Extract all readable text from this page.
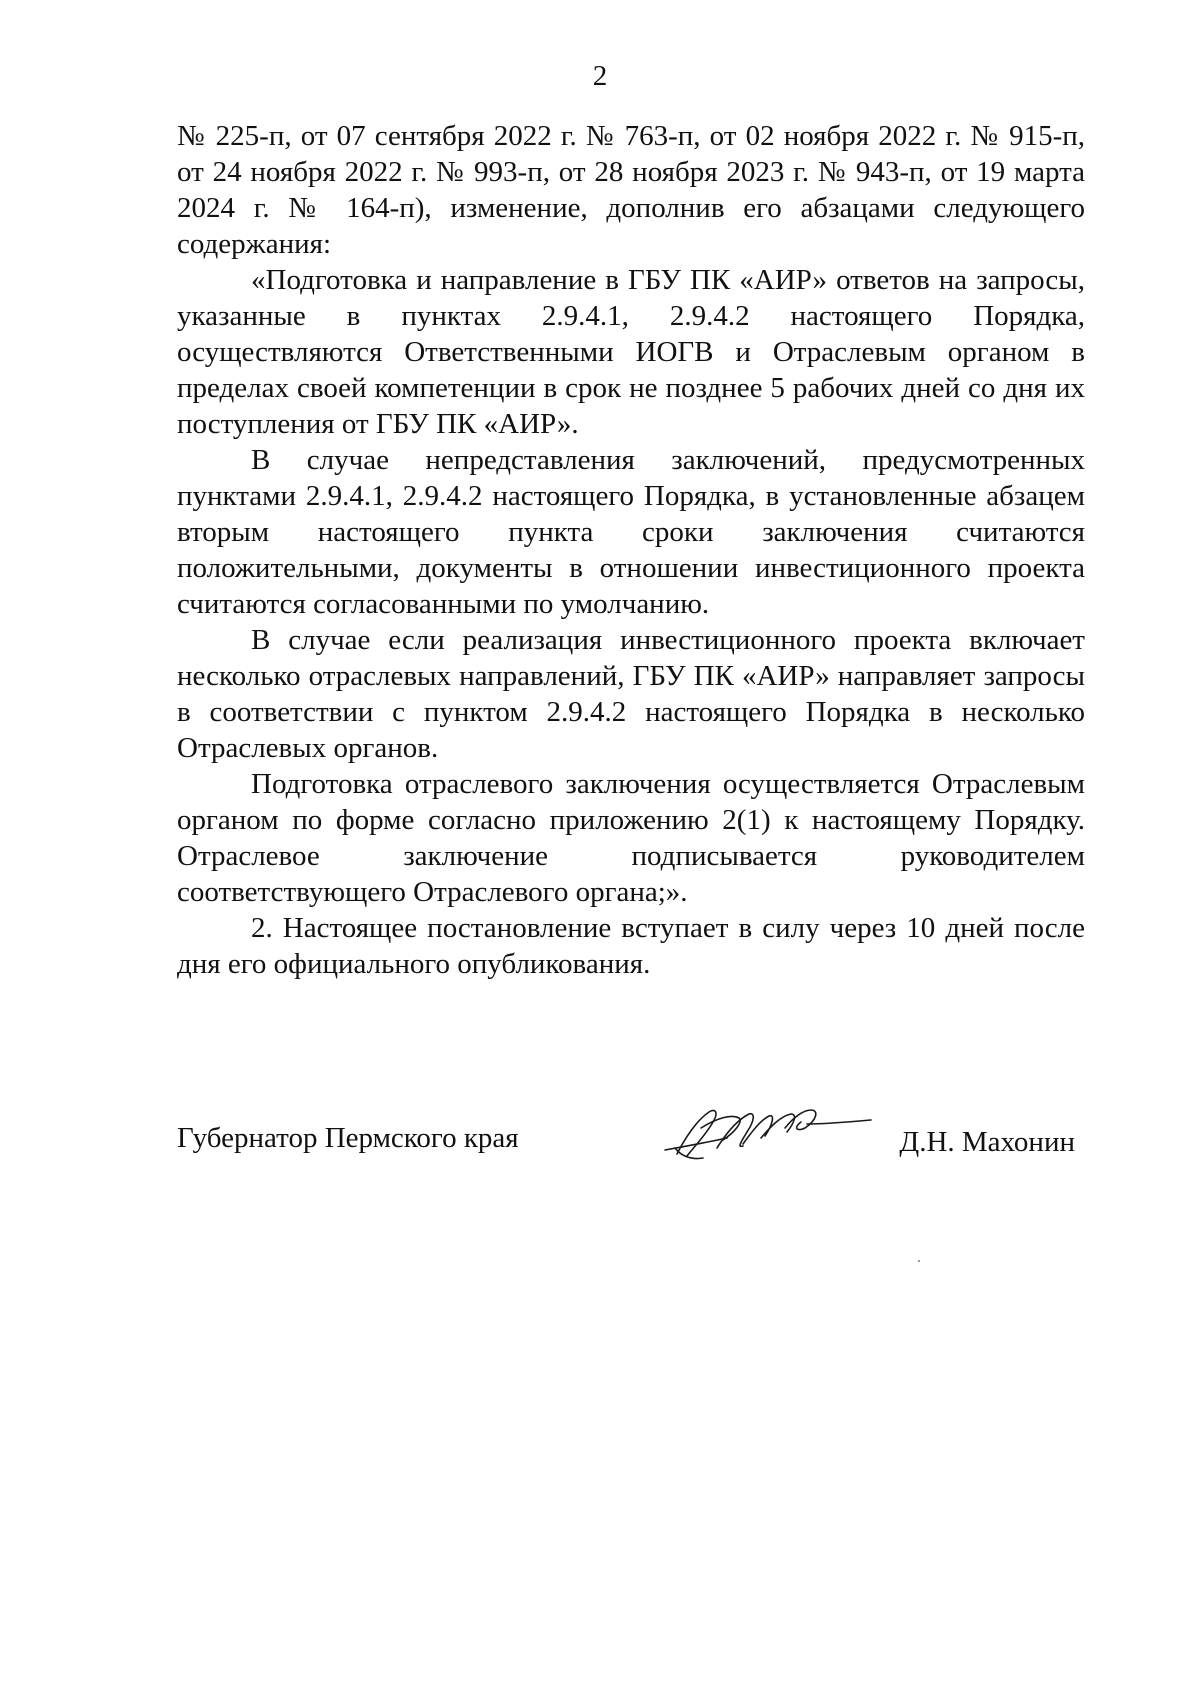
2

№ 225-п, от 07 сентября 2022 г. № 763-п, от 02 ноября 2022 г. № 915-п, от 24 ноября 2022 г. № 993-п, от 28 ноября 2023 г. № 943-п, от 19 марта 2024 г. № 164-п), изменение, дополнив его абзацами следующего содержания:

«Подготовка и направление в ГБУ ПК «АИР» ответов на запросы, указанные в пунктах 2.9.4.1, 2.9.4.2 настоящего Порядка, осуществляются Ответственными ИОГВ и Отраслевым органом в пределах своей компетенции в срок не позднее 5 рабочих дней со дня их поступления от ГБУ ПК «АИР».

В случае непредставления заключений, предусмотренных пунктами 2.9.4.1, 2.9.4.2 настоящего Порядка, в установленные абзацем вторым настоящего пункта сроки заключения считаются положительными, документы в отношении инвестиционного проекта считаются согласованными по умолчанию.

В случае если реализация инвестиционного проекта включает несколько отраслевых направлений, ГБУ ПК «АИР» направляет запросы в соответствии с пунктом 2.9.4.2 настоящего Порядка в несколько Отраслевых органов.

Подготовка отраслевого заключения осуществляется Отраслевым органом по форме согласно приложению 2(1) к настоящему Порядку. Отраслевое заключение подписывается руководителем соответствующего Отраслевого органа;».

2. Настоящее постановление вступает в силу через 10 дней после дня его официального опубликования.

Губернатор Пермского края	Д.Н. Махонин
